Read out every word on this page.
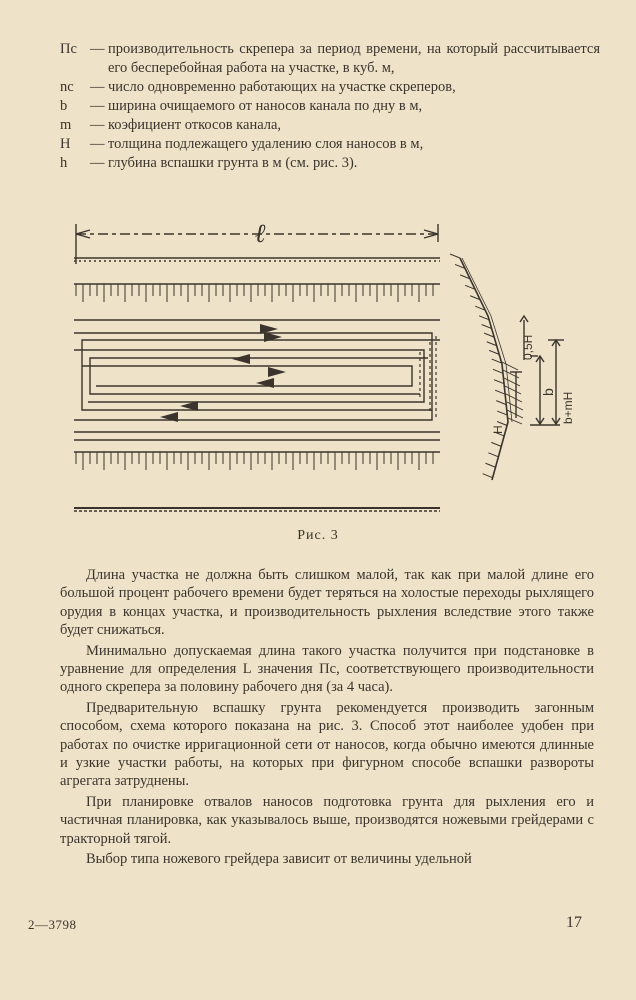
Пс — производительность скрепера за период времени, на который рассчитывается его бесперебойная работа на участке, в куб. м,
nс	— число одновременно работающих на участке скреперов,
b	— ширина очищаемого от наносов канала по дну в м,
m	— коэфициент откосов канала,
H	— толщина подлежащего удалению слоя наносов в м,
h	— глубина вспашки грунта в м (см. рис. 3).
ℓ
0,5H
b b+mH
H
Рис. 3

Длина участка не должна быть слишком малой, так как при малой длине его большой процент рабочего времени будет теряться на холостые переходы рыхлящего орудия в концах участка, и производительность рыхления вследствие этого также будет снижаться.

Минимально допускаемая длина такого участка получится при подстановке в уравнение для определения L значения Пс, соответствующего производительности одного скрепера за половину рабочего дня (за 4 часа).

Предварительную вспашку грунта рекомендуется производить загонным способом, схема которого показана на рис. 3. Способ этот наиболее удобен при работах по очистке ирригационной сети от наносов, когда обычно имеются длинные и узкие участки работы, на которых при фигурном способе вспашки развороты агрегата затруднены.

При планировке отвалов наносов подготовка грунта для рыхления его и частичная планировка, как указывалось выше, производятся ножевыми грейдерами с тракторной тягой.

Выбор типа ножевого грейдера зависит от величины удельной

2—3798	17
